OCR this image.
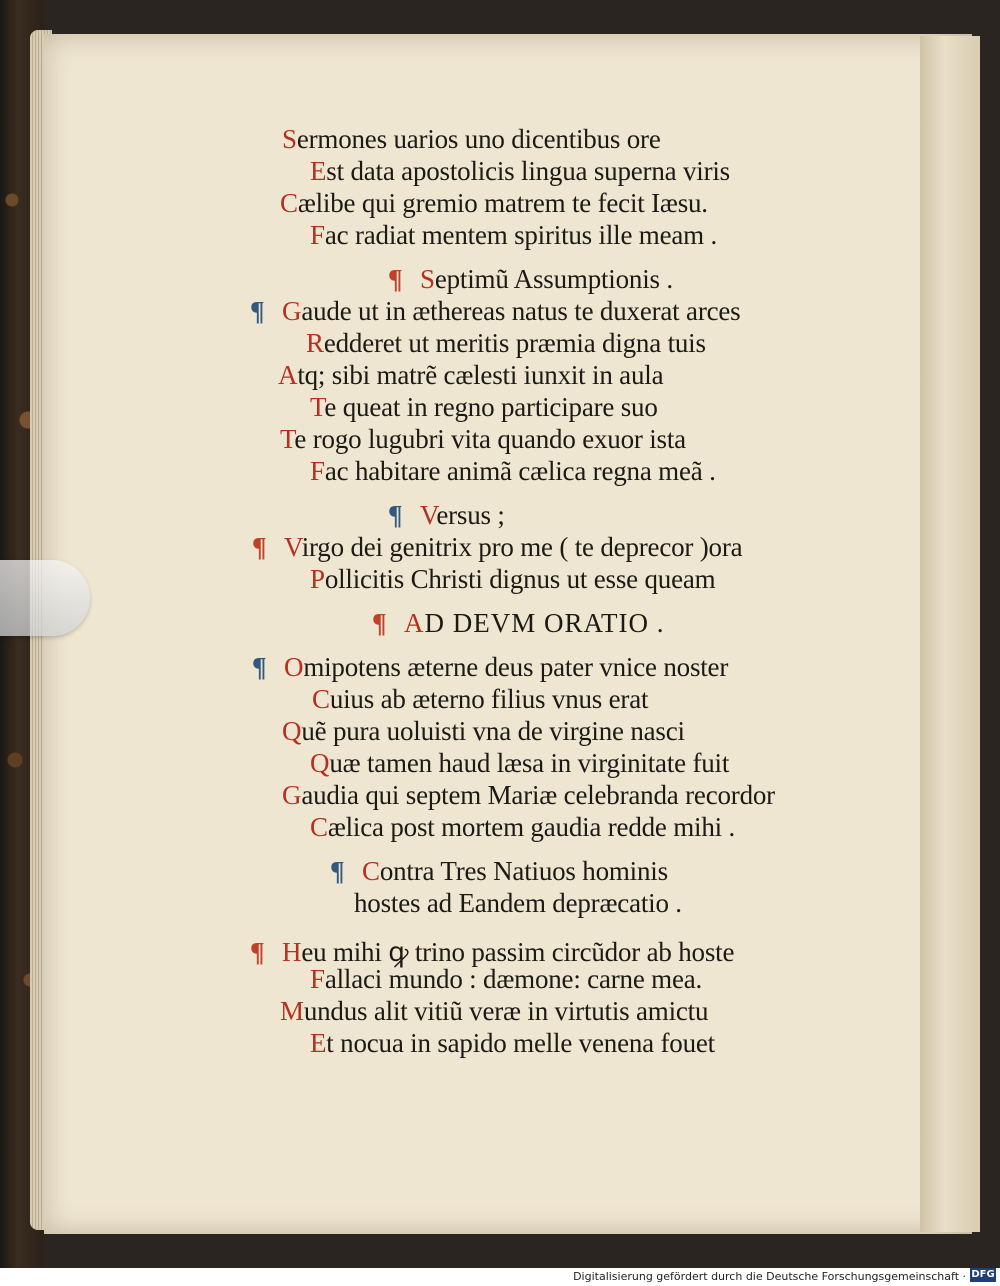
Sermones uarios uno dicentibus ore
Est data apostolicis lingua superna viris
Cælibe qui gremio matrem te fecit Iæsu.
Fac radiat mentem spiritus ille meam .
¶ Septimũ Assumptionis .
¶ Gaude ut in æthereas natus te duxerat arces
Redderet ut meritis præmia digna tuis
Atq; sibi matrẽ cælesti iunxit in aula
Te queat in regno participare suo
Te rogo lugubri vita quando exuor ista
Fac habitare animã cælica regna meã .
¶ Versus ;
¶ Virgo dei genitrix pro me ( te deprecor )ora
Pollicitis Christi dignus ut esse queam
¶ AD DEVM ORATIO .
¶ Omipotens æterne deus pater vnice noster
Cuius ab æterno filius vnus erat
Quẽ pura uoluisti vna de virgine nasci
Quæ tamen haud læsa in virginitate fuit
Gaudia qui septem Mariæ celebranda recordor
Cælica post mortem gaudia redde mihi .
¶ Contra Tres Natiuos hominis
hostes ad Eandem depræcatio .
¶ Heu mihi ꝙ trino passim circũdor ab hoste
Fallaci mundo : dæmone: carne mea.
Mundus alit vitiũ veræ in virtutis amictu
Et nocua in sapido melle venena fouet
Digitalisierung gefördert durch die Deutsche Forschungsgemeinschaft · DFG
